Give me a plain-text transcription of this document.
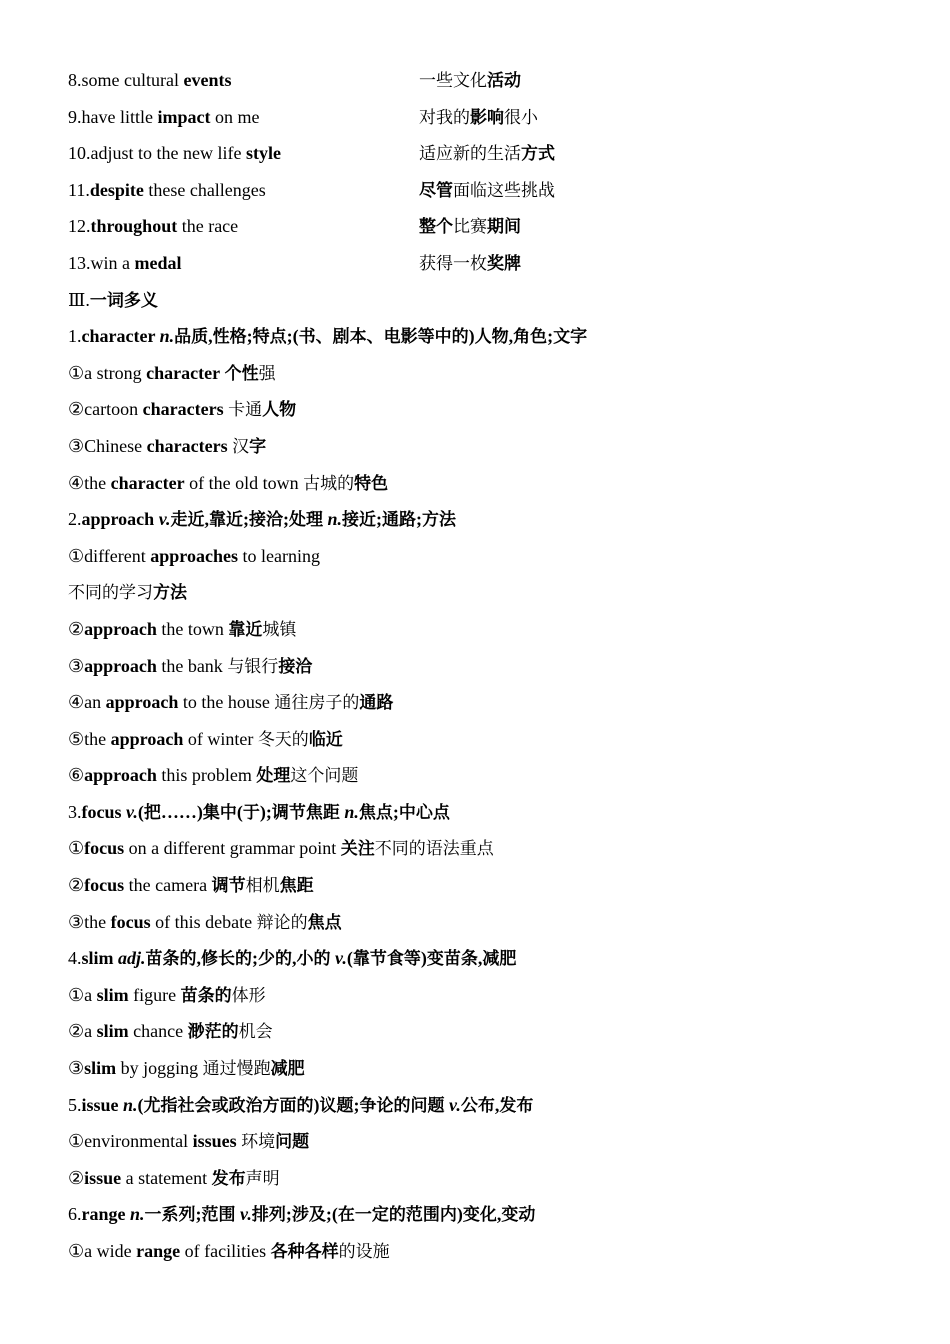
8.some cultural events	一些文化活动
9.have little impact on me	对我的影响很小
10.adjust to the new life style	适应新的生活方式
11.despite these challenges	尽管面临这些挑战
12.throughout the race	整个比赛期间
13.win a medal	获得一枚奖牌
Ⅲ.一词多义
1.character n.品质,性格;特点;(书、剧本、电影等中的)人物,角色;文字
①a strong character 个性强
②cartoon characters 卡通人物
③Chinese characters 汉字
④the character of the old town 古城的特色
2.approach v.走近,靠近;接洽;处理 n.接近;通路;方法
①different approaches to learning
不同的学习方法
②approach the town 靠近城镇
③approach the bank 与银行接洽
④an approach to the house 通往房子的通路
⑤the approach of winter 冬天的临近
⑥approach this problem 处理这个问题
3.focus v.(把……)集中(于);调节焦距 n.焦点;中心点
①focus on a different grammar point 关注不同的语法重点
②focus the camera 调节相机焦距
③the focus of this debate 辩论的焦点
4.slim adj.苗条的,修长的;少的,小的 v.(靠节食等)变苗条,减肥
①a slim figure 苗条的体形
②a slim chance 渺茫的机会
③slim by jogging 通过慢跑减肥
5.issue n.(尤指社会或政治方面的)议题;争论的问题 v.公布,发布
①environmental issues 环境问题
②issue a statement 发布声明
6.range n.一系列;范围 v.排列;涉及;(在一定的范围内)变化,变动
①a wide range of facilities 各种各样的设施
